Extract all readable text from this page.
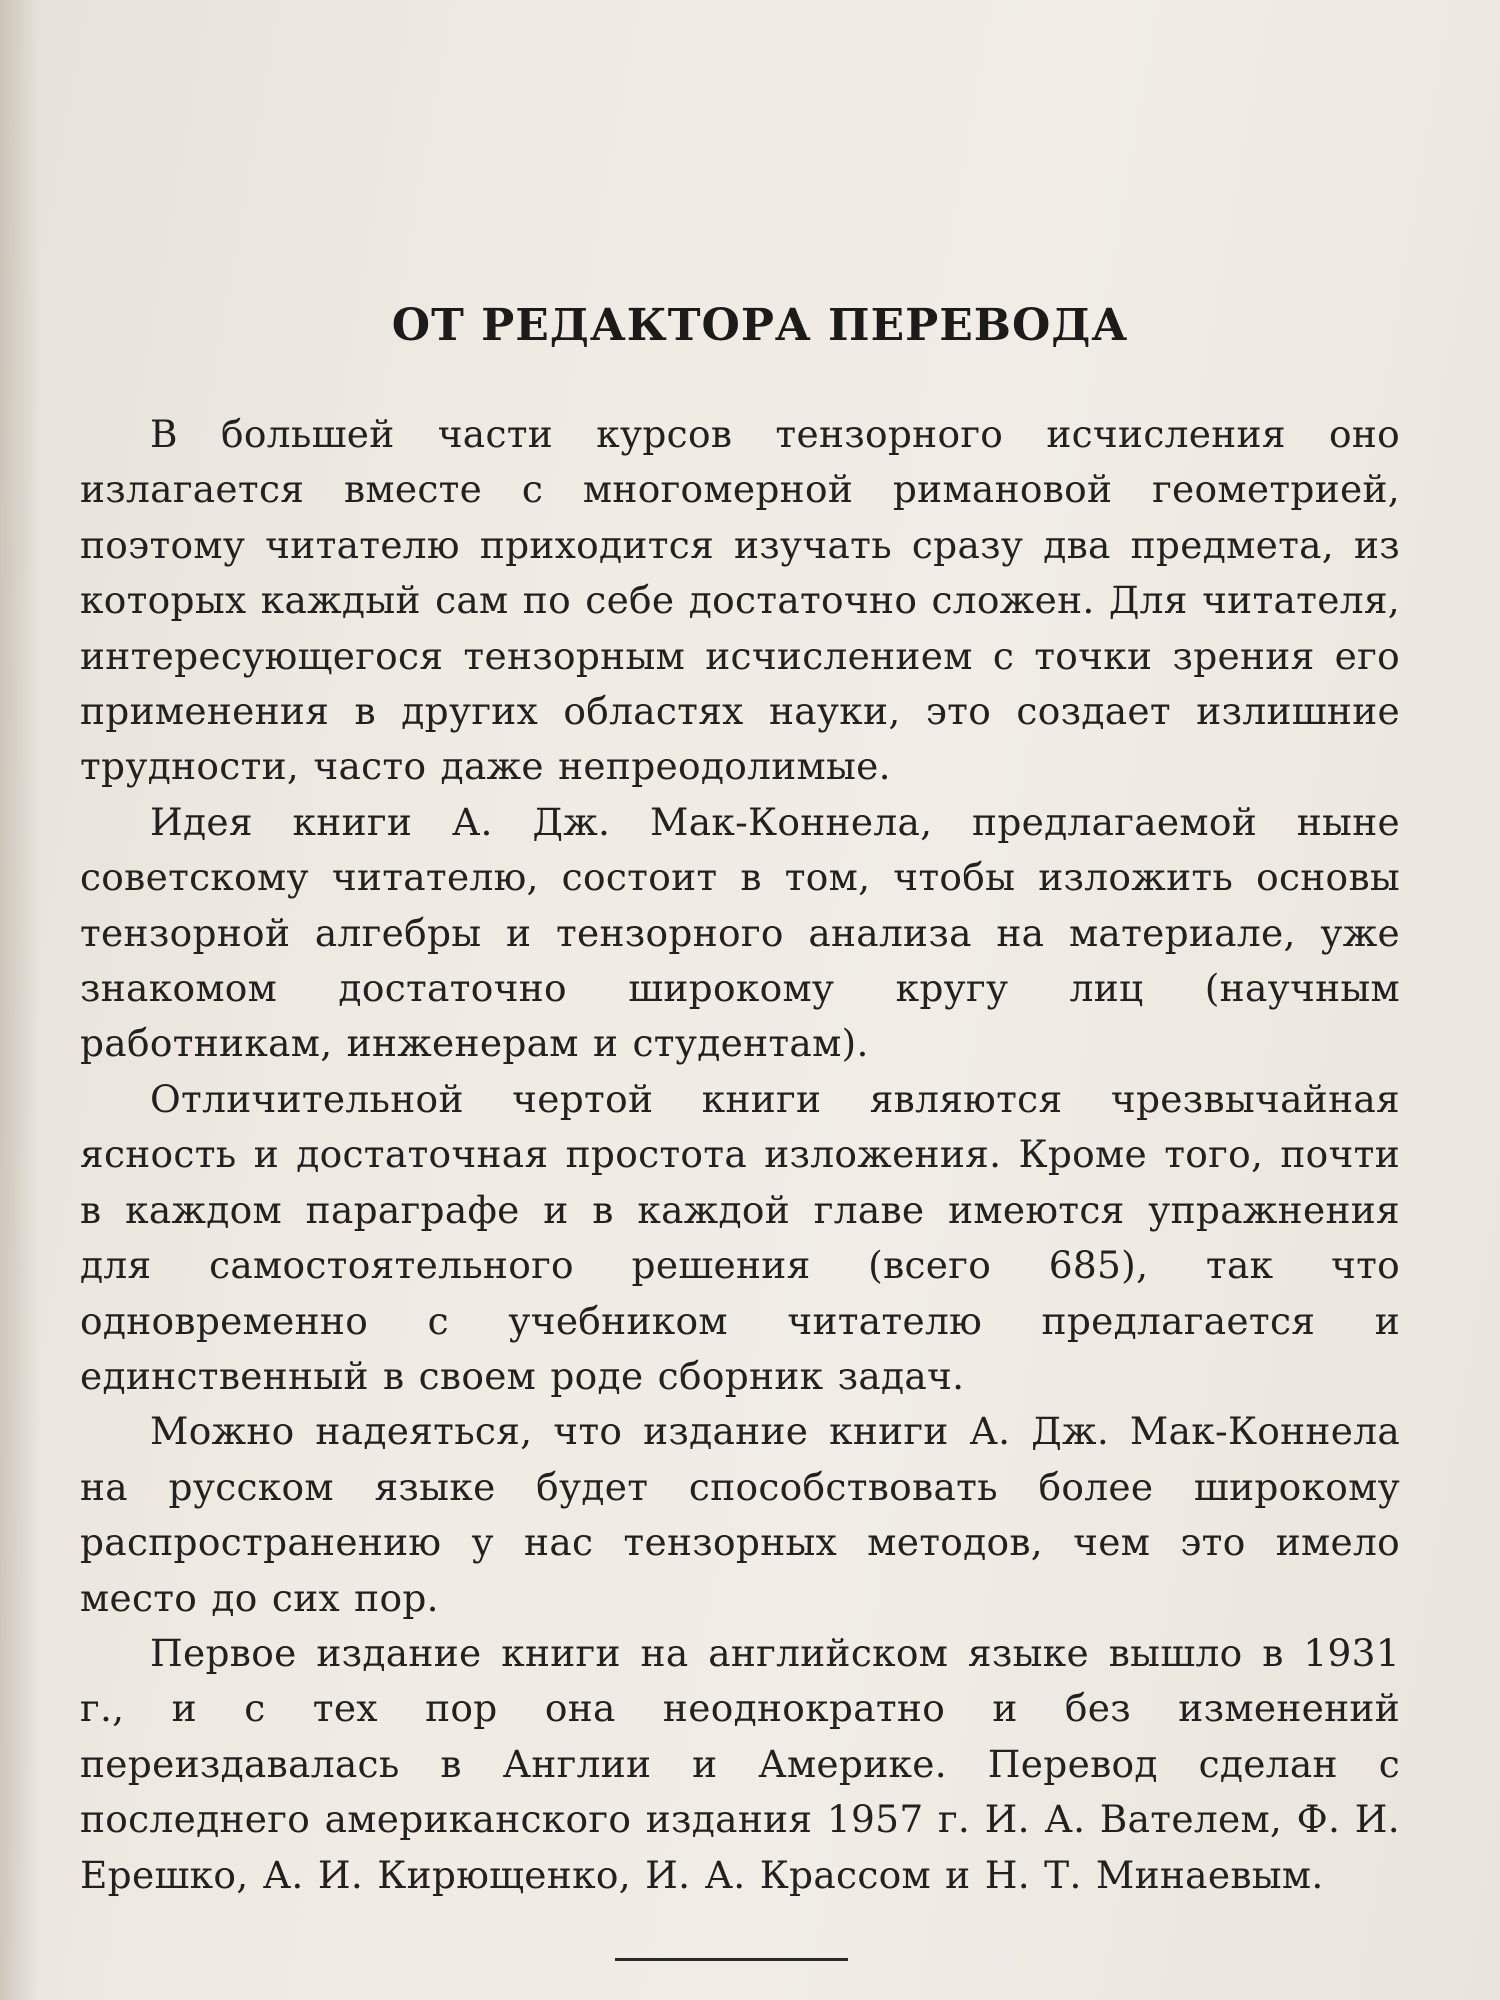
ОТ РЕДАКТОРА ПЕРЕВОДА

В большей части курсов тензорного исчисления оно излагается вместе с многомерной римановой геометрией, поэтому читателю приходится изучать сразу два предмета, из которых каждый сам по себе достаточно сложен. Для читателя, интересующегося тензорным исчислением с точки зрения его применения в других областях науки, это создает излишние трудности, часто даже непреодолимые.

Идея книги А. Дж. Мак-Коннела, предлагаемой ныне советскому читателю, состоит в том, чтобы изложить основы тензорной алгебры и тензорного анализа на материале, уже знакомом достаточно широкому кругу лиц (научным работникам, инженерам и студентам).

Отличительной чертой книги являются чрезвычайная ясность и достаточная простота изложения. Кроме того, почти в каждом параграфе и в каждой главе имеются упражнения для самостоятельного решения (всего 685), так что одновременно с учебником читателю предлагается и единственный в своем роде сборник задач.

Можно надеяться, что издание книги А. Дж. Мак-Коннела на русском языке будет способствовать более широкому распространению у нас тензорных методов, чем это имело место до сих пор.

Первое издание книги на английском языке вышло в 1931 г., и с тех пор она неоднократно и без изменений переиздавалась в Англии и Америке. Перевод сделан с последнего американского издания 1957 г. И. А. Вателем, Ф. И. Ерешко, А. И. Кирющенко, И. А. Крассом и Н. Т. Минаевым.
